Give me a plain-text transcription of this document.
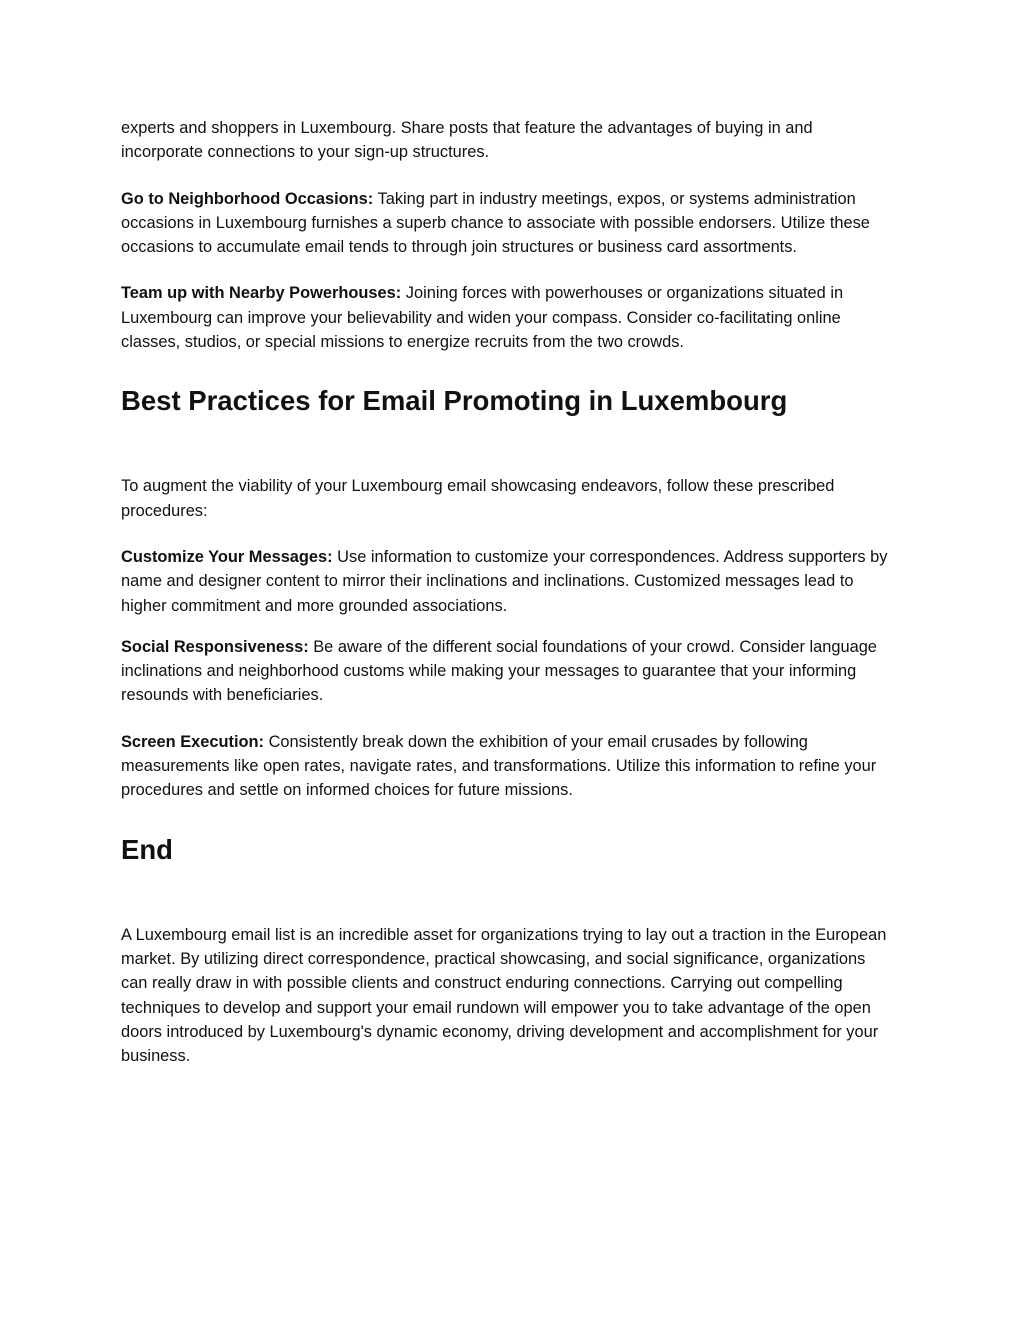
experts and shoppers in Luxembourg. Share posts that feature the advantages of buying in and incorporate connections to your sign-up structures.

Go to Neighborhood Occasions: Taking part in industry meetings, expos, or systems administration occasions in Luxembourg furnishes a superb chance to associate with possible endorsers. Utilize these occasions to accumulate email tends to through join structures or business card assortments.

Team up with Nearby Powerhouses: Joining forces with powerhouses or organizations situated in Luxembourg can improve your believability and widen your compass. Consider co-facilitating online classes, studios, or special missions to energize recruits from the two crowds.

Best Practices for Email Promoting in Luxembourg

To augment the viability of your Luxembourg email showcasing endeavors, follow these prescribed procedures:

Customize Your Messages: Use information to customize your correspondences. Address supporters by name and designer content to mirror their inclinations and inclinations. Customized messages lead to higher commitment and more grounded associations.

Social Responsiveness: Be aware of the different social foundations of your crowd. Consider language inclinations and neighborhood customs while making your messages to guarantee that your informing resounds with beneficiaries.

Screen Execution: Consistently break down the exhibition of your email crusades by following measurements like open rates, navigate rates, and transformations. Utilize this information to refine your procedures and settle on informed choices for future missions.

End

A Luxembourg email list is an incredible asset for organizations trying to lay out a traction in the European market. By utilizing direct correspondence, practical showcasing, and social significance, organizations can really draw in with possible clients and construct enduring connections. Carrying out compelling techniques to develop and support your email rundown will empower you to take advantage of the open doors introduced by Luxembourg's dynamic economy, driving development and accomplishment for your business.
